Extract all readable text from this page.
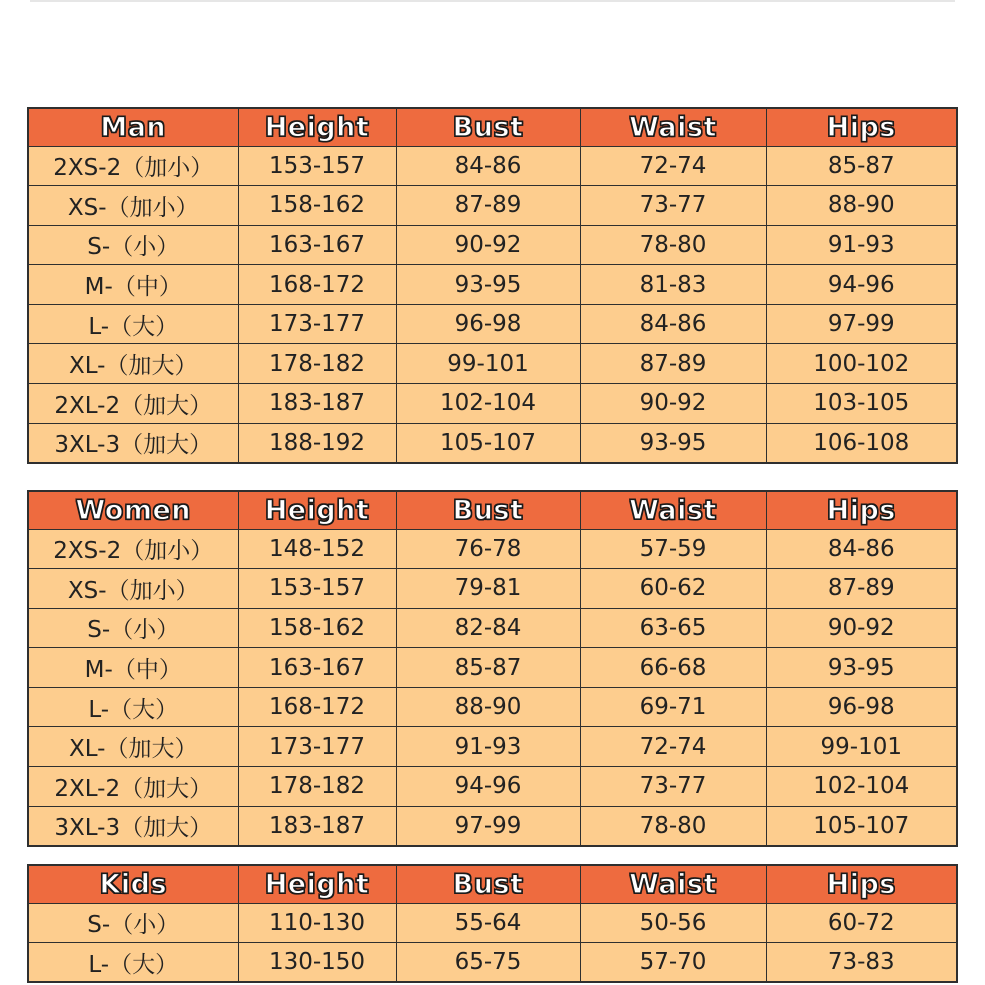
Man	Height	Bust	Waist	Hips
2XS-2（加小）	153-157	84-86	72-74	85-87
XS-（加小）	158-162	87-89	73-77	88-90
S-（小）	163-167	90-92	78-80	91-93
M-（中）	168-172	93-95	81-83	94-96
L-（大）	173-177	96-98	84-86	97-99
XL-（加大）	178-182	99-101	87-89	100-102
2XL-2（加大）	183-187	102-104	90-92	103-105
3XL-3（加大）	188-192	105-107	93-95	106-108
Women	Height	Bust	Waist	Hips
2XS-2（加小）	148-152	76-78	57-59	84-86
XS-（加小）	153-157	79-81	60-62	87-89
S-（小）	158-162	82-84	63-65	90-92
M-（中）	163-167	85-87	66-68	93-95
L-（大）	168-172	88-90	69-71	96-98
XL-（加大）	173-177	91-93	72-74	99-101
2XL-2（加大）	178-182	94-96	73-77	102-104
3XL-3（加大）	183-187	97-99	78-80	105-107
Kids	Height	Bust	Waist	Hips
S-（小）	110-130	55-64	50-56	60-72
L-（大）	130-150	65-75	57-70	73-83
